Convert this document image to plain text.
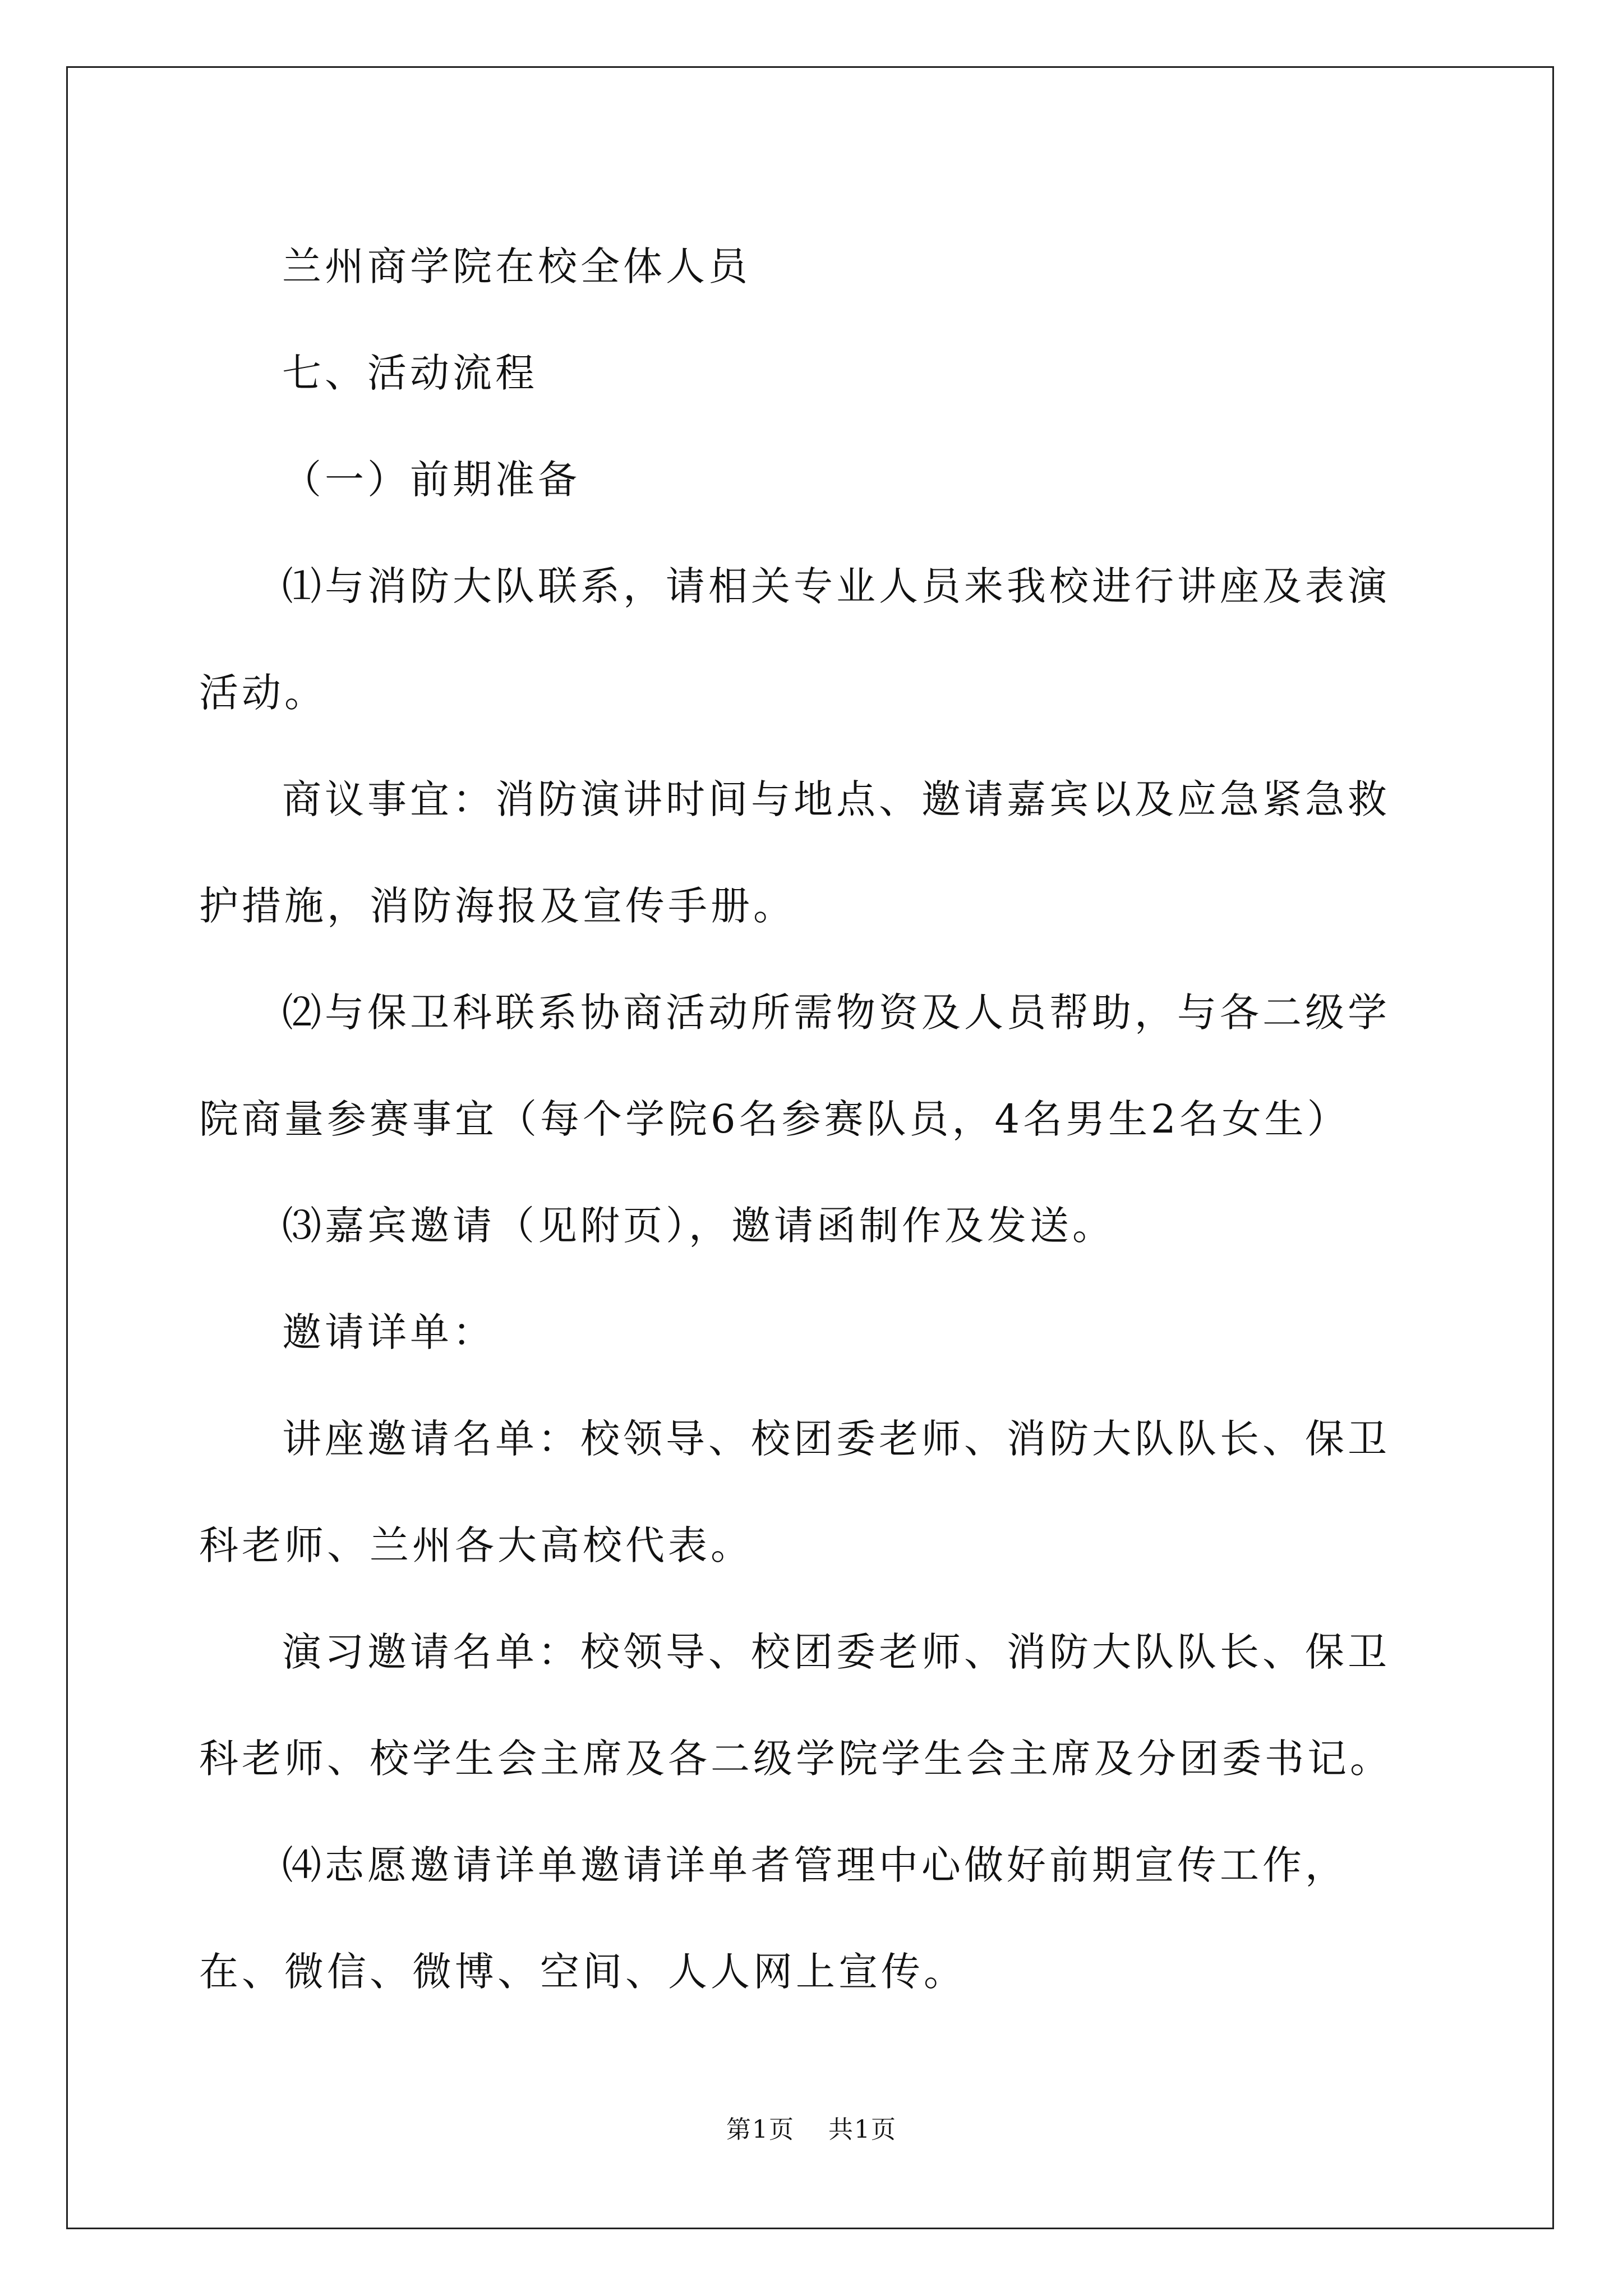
兰州商学院在校全体人员

七、活动流程

（一）前期准备

⑴与消防大队联系，请相关专业人员来我校进行讲座及表演活动。

商议事宜：消防演讲时间与地点、邀请嘉宾以及应急紧急救护措施，消防海报及宣传手册。

⑵与保卫科联系协商活动所需物资及人员帮助，与各二级学院商量参赛事宜（每个学院6名参赛队员，4名男生2名女生）

⑶嘉宾邀请（见附页），邀请函制作及发送。

邀请详单：

讲座邀请名单：校领导、校团委老师、消防大队队长、保卫科老师、兰州各大高校代表。

演习邀请名单：校领导、校团委老师、消防大队队长、保卫科老师、校学生会主席及各二级学院学生会主席及分团委书记。

⑷志愿邀请详单邀请详单者管理中心做好前期宣传工作，在、微信、微博、空间、人人网上宣传。

第1页 共1页
